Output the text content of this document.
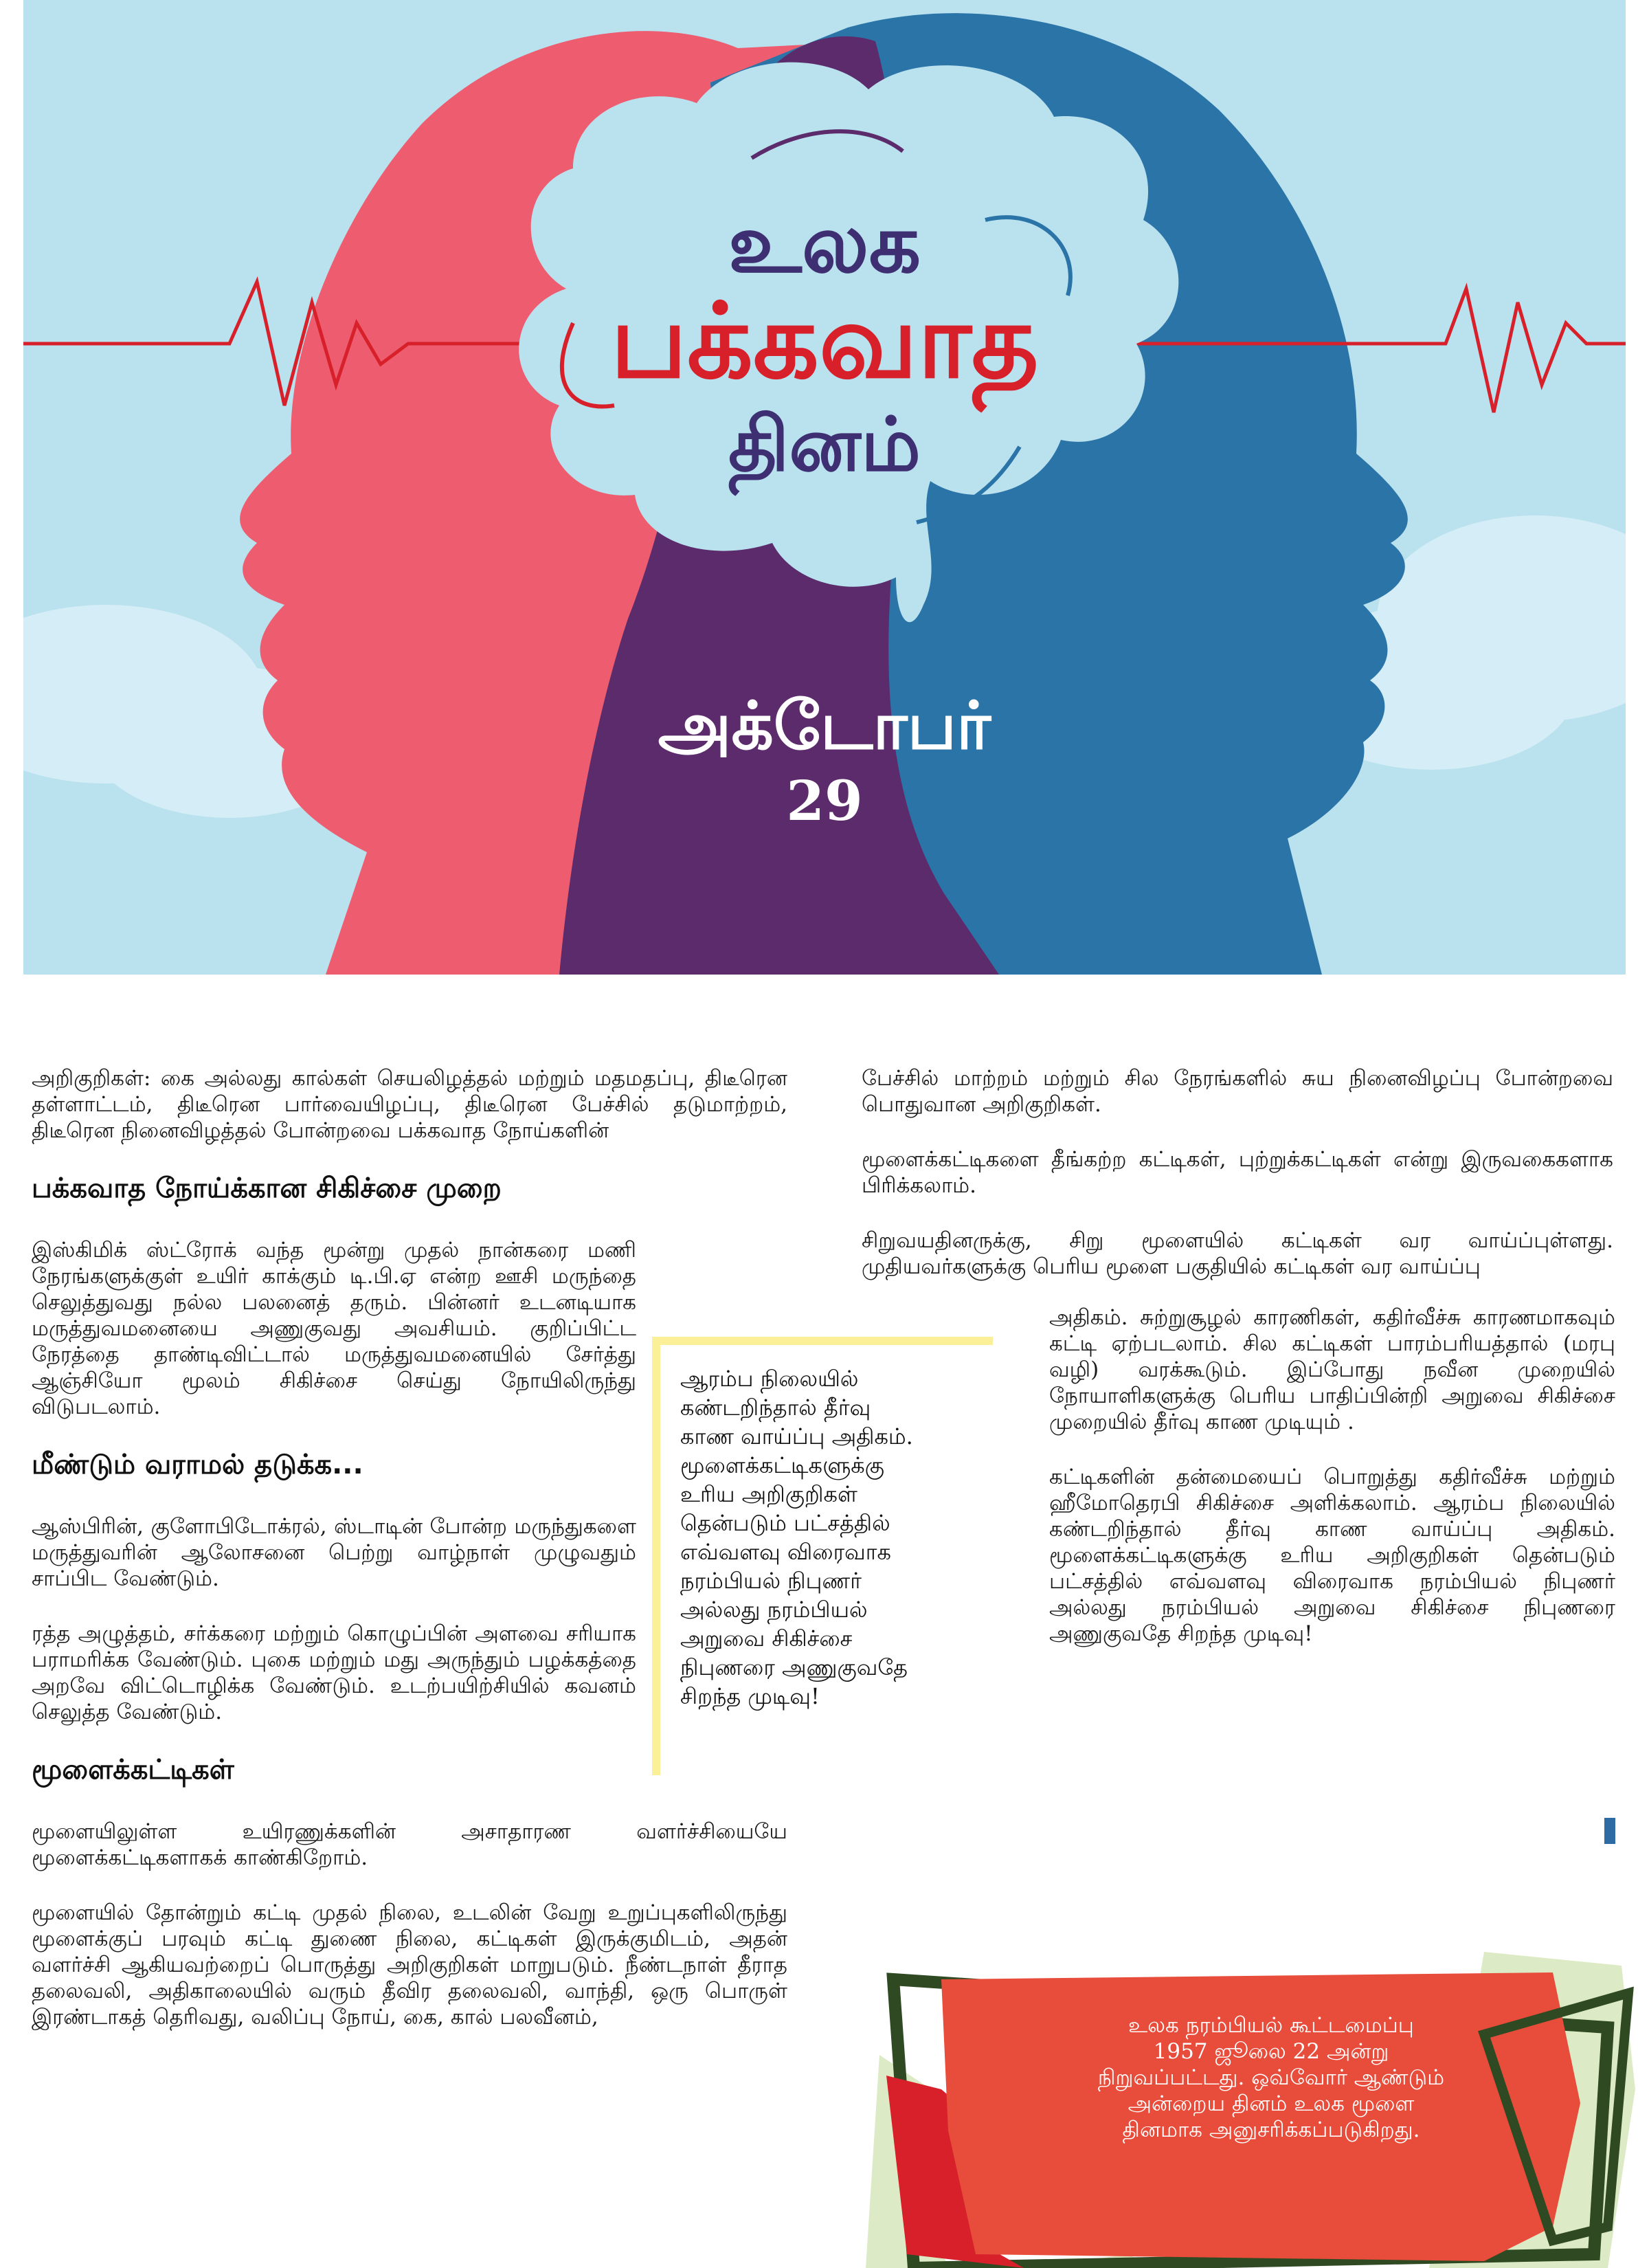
உலக
பக்கவாத
தினம்
அக்டோபர்
29

அறிகுறிகள்: கை அல்லது கால்கள் செயலிழத்தல் மற்றும் மதமதப்பு, திடீரென தள்ளாட்டம், திடீரென பார்வையிழப்பு, திடீரென பேச்சில் தடுமாற்றம், திடீரென நினைவிழத்தல் போன்றவை பக்கவாத நோய்களின்

பக்கவாத நோய்க்கான சிகிச்சை முறை

இஸ்கிமிக் ஸ்ட்ரோக் வந்த மூன்று முதல் நான்கரை மணி நேரங்களுக்குள் உயிர் காக்கும் டி.பி.ஏ என்ற ஊசி மருந்தை செலுத்துவது நல்ல பலனைத் தரும். பின்னர் உடனடியாக மருத்துவமனையை அணுகுவது அவசியம். குறிப்பிட்ட நேரத்தை தாண்டிவிட்டால் மருத்துவமனையில் சேர்த்து ஆஞ்சியோ மூலம் சிகிச்சை செய்து நோயிலிருந்து விடுபடலாம்.

மீண்டும் வராமல் தடுக்க...

ஆஸ்பிரின், குளோபிடோக்ரல், ஸ்டாடின் போன்ற மருந்துகளை மருத்துவரின் ஆலோசனை பெற்று வாழ்நாள் முழுவதும் சாப்பிட வேண்டும்.

ரத்த அழுத்தம், சர்க்கரை மற்றும் கொழுப்பின் அளவை சரியாக பராமரிக்க வேண்டும். புகை மற்றும் மது அருந்தும் பழக்கத்தை அறவே விட்டொழிக்க வேண்டும். உடற்பயிற்சியில் கவனம் செலுத்த வேண்டும்.

மூளைக்கட்டிகள்

மூளையிலுள்ள உயிரணுக்களின் அசாதாரண வளர்ச்சியையே மூளைக்கட்டிகளாகக் காண்கிறோம்.

மூளையில் தோன்றும் கட்டி முதல் நிலை, உடலின் வேறு உறுப்புகளிலிருந்து மூளைக்குப் பரவும் கட்டி துணை நிலை, கட்டிகள் இருக்குமிடம், அதன் வளர்ச்சி ஆகியவற்றைப் பொருத்து அறிகுறிகள் மாறுபடும். நீண்டநாள் தீராத தலைவலி, அதிகாலையில் வரும் தீவிர தலைவலி, வாந்தி, ஒரு பொருள் இரண்டாகத் தெரிவது, வலிப்பு நோய், கை, கால் பலவீனம்,

பேச்சில் மாற்றம் மற்றும் சில நேரங்களில் சுய நினைவிழப்பு போன்றவை பொதுவான அறிகுறிகள்.

மூளைக்கட்டிகளை தீங்கற்ற கட்டிகள், புற்றுக்கட்டிகள் என்று இருவகைகளாக பிரிக்கலாம்.

சிறுவயதினருக்கு, சிறு மூளையில் கட்டிகள் வர வாய்ப்புள்ளது. முதியவர்களுக்கு பெரிய மூளை பகுதியில் கட்டிகள் வர வாய்ப்பு

அதிகம். சுற்றுசூழல் காரணிகள், கதிர்வீச்சு காரணமாகவும் கட்டி ஏற்படலாம். சில கட்டிகள் பாரம்பரியத்தால் (மரபு வழி) வரக்கூடும். இப்போது நவீன முறையில் நோயாளிகளுக்கு பெரிய பாதிப்பின்றி அறுவை சிகிச்சை முறையில் தீர்வு காண முடியும் .

கட்டிகளின் தன்மையைப் பொறுத்து கதிர்வீச்சு மற்றும் ஹீமோதெரபி சிகிச்சை அளிக்கலாம். ஆரம்ப நிலையில் கண்டறிந்தால் தீர்வு காண வாய்ப்பு அதிகம். மூளைக்கட்டிகளுக்கு உரிய அறிகுறிகள் தென்படும் பட்சத்தில் எவ்வளவு விரைவாக நரம்பியல் நிபுணர் அல்லது நரம்பியல் அறுவை சிகிச்சை நிபுணரை அணுகுவதே சிறந்த முடிவு!

ஆரம்ப நிலையில்

கண்டறிந்தால் தீர்வு

காண வாய்ப்பு அதிகம்.

மூளைக்கட்டிகளுக்கு

உரிய அறிகுறிகள்

தென்படும் பட்சத்தில்

எவ்வளவு விரைவாக

நரம்பியல் நிபுணர்

அல்லது நரம்பியல்

அறுவை சிகிச்சை

நிபுணரை அணுகுவதே

சிறந்த முடிவு!

உலக நரம்பியல் கூட்டமைப்பு
1957 ஜூலை 22 அன்று
நிறுவப்பட்டது. ஒவ்வோர் ஆண்டும்
அன்றைய தினம் உலக மூளை
தினமாக அனுசரிக்கப்படுகிறது.
